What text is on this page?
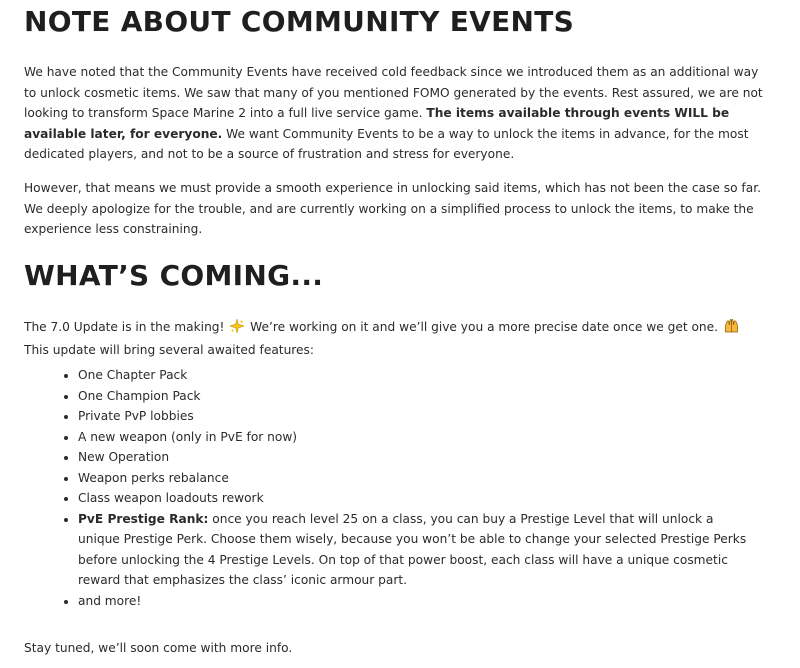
NOTE ABOUT COMMUNITY EVENTS

We have noted that the Community Events have received cold feedback since we introduced them as an additional way to unlock cosmetic items. We saw that many of you mentioned FOMO generated by the events. Rest assured, we are not looking to transform Space Marine 2 into a full live service game. The items available through events WILL be available later, for everyone. We want Community Events to be a way to unlock the items in advance, for the most dedicated players, and not to be a source of frustration and stress for everyone.

However, that means we must provide a smooth experience in unlocking said items, which has not been the case so far. We deeply apologize for the trouble, and are currently working on a simplified process to unlock the items, to make the experience less constraining.

WHAT’S COMING...

The 7.0 Update is in the making! We’re working on it and we’ll give you a more precise date once we get one.
This update will bring several awaited features:

• One Chapter Pack
• One Champion Pack
• Private PvP lobbies
• A new weapon (only in PvE for now)
• New Operation
• Weapon perks rebalance
• Class weapon loadouts rework
• PvE Prestige Rank: once you reach level 25 on a class, you can buy a Prestige Level that will unlock a unique Prestige Perk. Choose them wisely, because you won’t be able to change your selected Prestige Perks before unlocking the 4 Prestige Levels. On top of that power boost, each class will have a unique cosmetic reward that emphasizes the class’ iconic armour part.
• and more!

Stay tuned, we’ll soon come with more info.
